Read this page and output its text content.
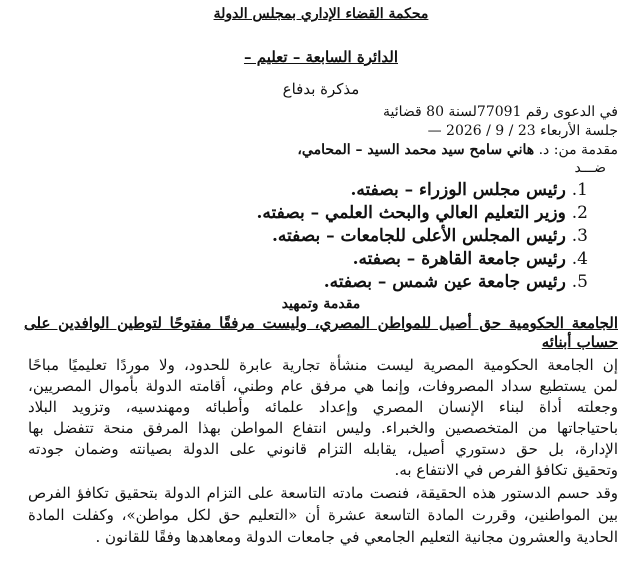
محكمة القضاء الإداري بمجلس الدولة
الدائرة السابعة – تعليم –
مذكرة بدفاع
في الدعوى رقم 77091لسنة 80 قضائية
جلسة الأربعاء 23 / 9 / 2026 —
مقدمة من: د. هاني سامح سيد محمد السيد – المحامي،
ضـــد
1. رئيس مجلس الوزراء – بصفته.
2. وزير التعليم العالي والبحث العلمي – بصفته.
3. رئيس المجلس الأعلى للجامعات – بصفته.
4. رئيس جامعة القاهرة – بصفته.
5. رئيس جامعة عين شمس – بصفته.
مقدمة وتمهيد
الجامعة الحكومية حق أصيل للمواطن المصري، وليست مرفقًا مفتوحًا لتوطين الوافدين على حساب أبنائه
إن الجامعة الحكومية المصرية ليست منشأة تجارية عابرة للحدود، ولا موردًا تعليميًا مباحًا
لمن يستطيع سداد المصروفات، وإنما هي مرفق عام وطني، أقامته الدولة بأموال المصريين،
وجعلته أداة لبناء الإنسان المصري وإعداد علمائه وأطبائه ومهندسيه، وتزويد البلاد
باحتياجاتها من المتخصصين والخبراء. وليس انتفاع المواطن بهذا المرفق منحة تتفضل بها
الإدارة، بل حق دستوري أصيل، يقابله التزام قانوني على الدولة بصيانته وضمان جودته
وتحقيق تكافؤ الفرص في الانتفاع به.
وقد حسم الدستور هذه الحقيقة، فنصت مادته التاسعة على التزام الدولة بتحقيق تكافؤ الفرص
بين المواطنين، وقررت المادة التاسعة عشرة أن «التعليم حق لكل مواطن»، وكفلت المادة
الحادية والعشرون مجانية التعليم الجامعي في جامعات الدولة ومعاهدها وفقًا للقانون .
